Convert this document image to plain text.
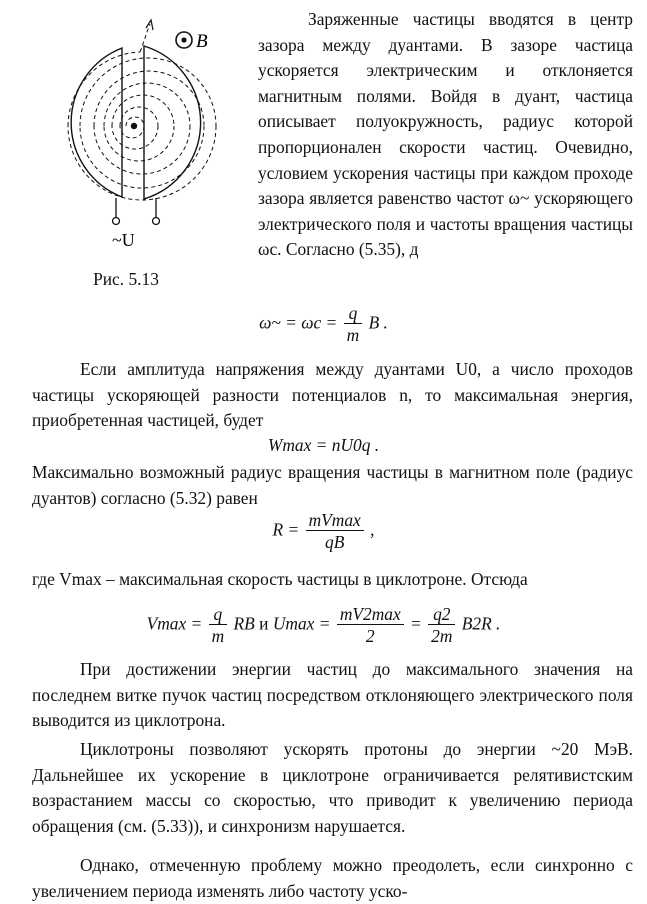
B
~U
Рис. 5.13

Заряженные частицы вводятся в центр зазора между дуантами. В зазоре частица ускоряется электрическим и отклоняется магнитным полями. Войдя в дуант, частица описывает полуокружность, радиус которой пропорционален скорости частиц. Очевидно, условием ускорения частицы при каждом проходе зазора является равенство частот ω~ ускоряющего электрического поля и частоты вращения частицы ωc. Согласно (5.35), д

ω~ = $\omega c = \frac{q}{m}$ B .

Если амплитуда напряжения между дуантами U0, а число проходов частицы ускоряющей разности потенциалов n, то максимальная энергия, приобретенная частицей, будет

Wmax = nU0q .

Максимально возможный радиус вращения частицы в магнитном поле (радиус дуантов) согласно (5.32) равен

$R = \frac{mVmax}{qB}$ ,

где Vmax – максимальная скорость частицы в циклотроне. Отсюда

$Vmax = \frac{q}{m}$ RB и $Umax = \frac{mV2\max}{2} = \frac{q2}{2m} B2R$ .

При достижении энергии частиц до максимального значения на последнем витке пучок частиц посредством отклоняющего электрического поля выводится из циклотрона.

Циклотроны позволяют ускорять протоны до энергии ~20 МэВ. Дальнейшее их ускорение в циклотроне ограничивается релятивистским возрастанием массы со скоростью, что приводит к увеличению периода обращения (см. (5.33)), и синхронизм нарушается.

Однако, отмеченную проблему можно преодолеть, если синхронно с увеличением периода изменять либо частоту уско-
